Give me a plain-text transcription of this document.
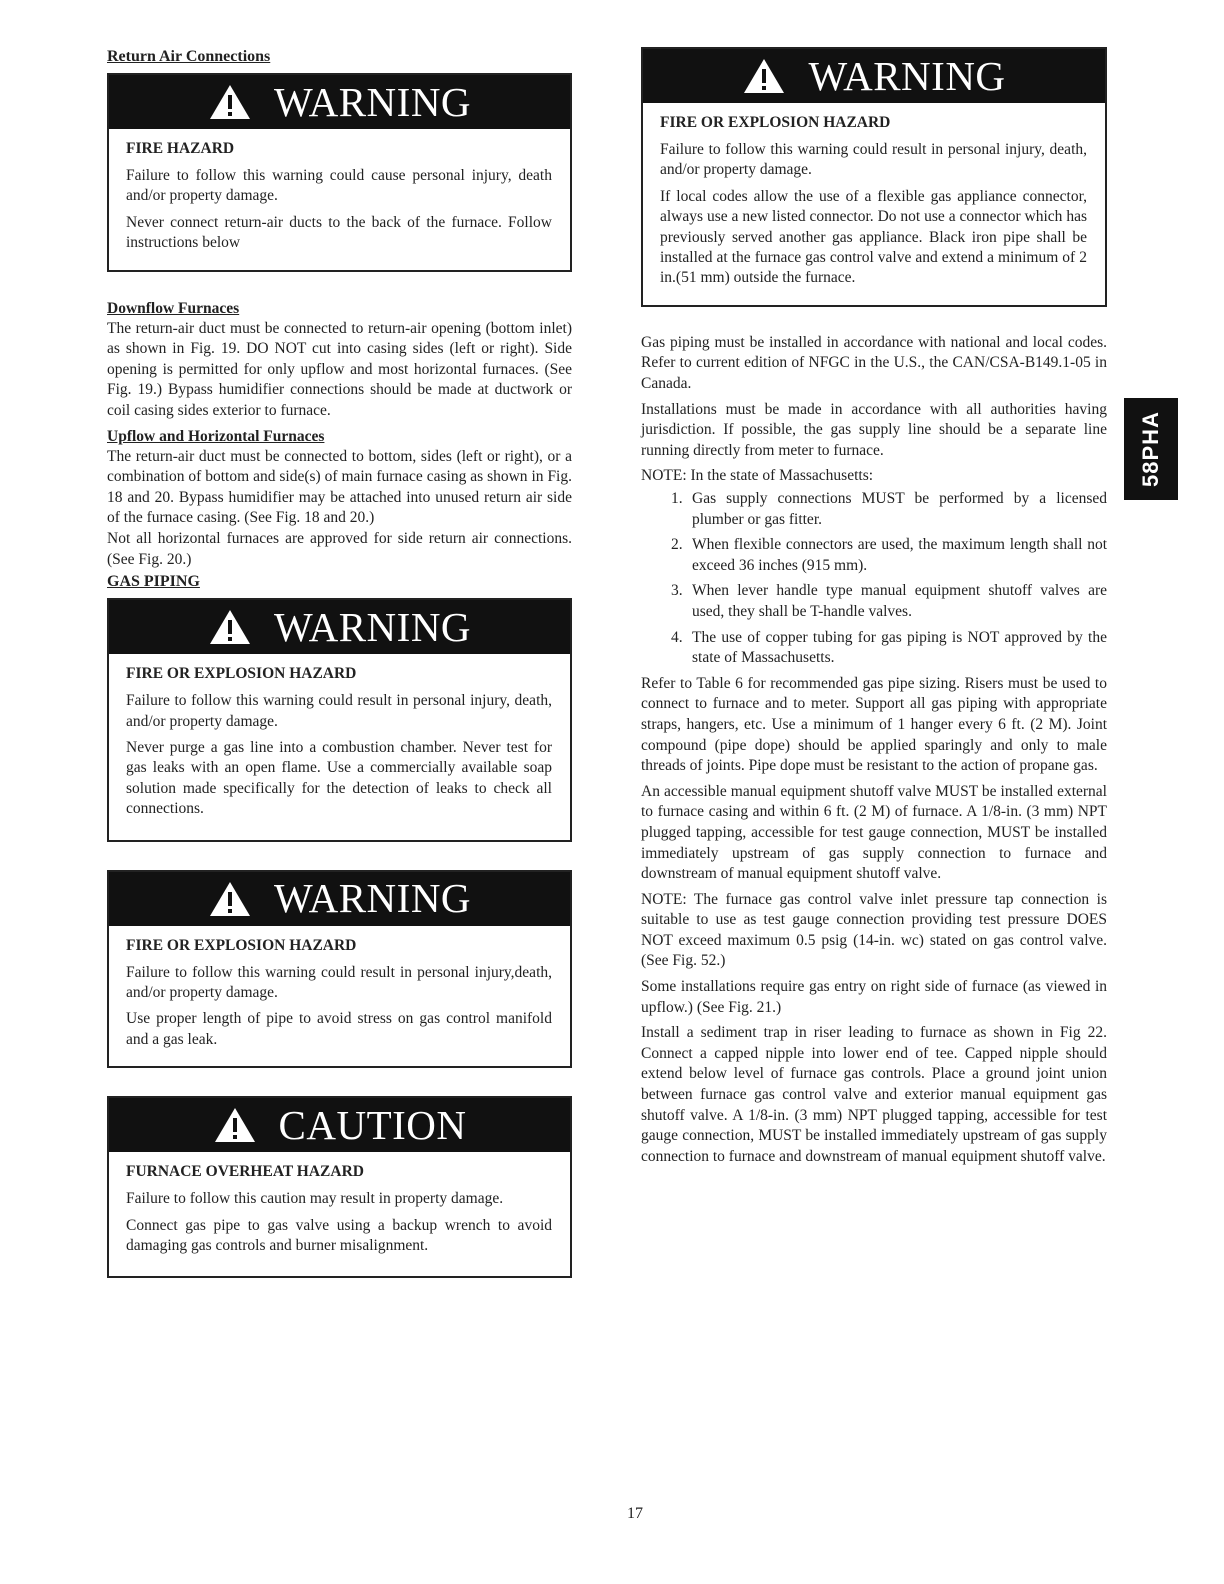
Return Air Connections
WARNING
FIRE HAZARD

Failure to follow this warning could cause personal injury, death and/or property damage.

Never connect return-air ducts to the back of the furnace. Follow instructions below

Downflow Furnaces

The return-air duct must be connected to return-air opening (bottom inlet) as shown in Fig. 19. DO NOT cut into casing sides (left or right). Side opening is permitted for only upflow and most horizontal furnaces. (See Fig. 19.) Bypass humidifier connections should be made at ductwork or coil casing sides exterior to furnace.

Upflow and Horizontal Furnaces

The return-air duct must be connected to bottom, sides (left or right), or a combination of bottom and side(s) of main furnace casing as shown in Fig. 18 and 20. Bypass humidifier may be attached into unused return air side of the furnace casing. (See Fig. 18 and 20.)

Not all horizontal furnaces are approved for side return air connections. (See Fig. 20.)

GAS PIPING
WARNING
FIRE OR EXPLOSION HAZARD

Failure to follow this warning could result in personal injury, death, and/or property damage.

Never purge a gas line into a combustion chamber. Never test for gas leaks with an open flame. Use a commercially available soap solution made specifically for the detection of leaks to check all connections.

WARNING
FIRE OR EXPLOSION HAZARD

Failure to follow this warning could result in personal injury,death, and/or property damage.

Use proper length of pipe to avoid stress on gas control manifold and a gas leak.

CAUTION
FURNACE OVERHEAT HAZARD

Failure to follow this caution may result in property damage.

Connect gas pipe to gas valve using a backup wrench to avoid damaging gas controls and burner misalignment.

WARNING
FIRE OR EXPLOSION HAZARD

Failure to follow this warning could result in personal injury, death, and/or property damage.

If local codes allow the use of a flexible gas appliance connector, always use a new listed connector. Do not use a connector which has previously served another gas appliance. Black iron pipe shall be installed at the furnace gas control valve and extend a minimum of 2 in.(51 mm) outside the furnace.

Gas piping must be installed in accordance with national and local codes. Refer to current edition of NFGC in the U.S., the CAN/CSA-B149.1-05 in Canada.

Installations must be made in accordance with all authorities having jurisdiction. If possible, the gas supply line should be a separate line running directly from meter to furnace.

NOTE: In the state of Massachusetts:

1. Gas supply connections MUST be performed by a licensed plumber or gas fitter.
2. When flexible connectors are used, the maximum length shall not exceed 36 inches (915 mm).
3. When lever handle type manual equipment shutoff valves are used, they shall be T-handle valves.
4. The use of copper tubing for gas piping is NOT approved by the state of Massachusetts.

Refer to Table 6 for recommended gas pipe sizing. Risers must be used to connect to furnace and to meter. Support all gas piping with appropriate straps, hangers, etc. Use a minimum of 1 hanger every 6 ft. (2 M). Joint compound (pipe dope) should be applied sparingly and only to male threads of joints. Pipe dope must be resistant to the action of propane gas.

An accessible manual equipment shutoff valve MUST be installed external to furnace casing and within 6 ft. (2 M) of furnace. A 1/8-in. (3 mm) NPT plugged tapping, accessible for test gauge connection, MUST be installed immediately upstream of gas supply connection to furnace and downstream of manual equipment shutoff valve.

NOTE: The furnace gas control valve inlet pressure tap connection is suitable to use as test gauge connection providing test pressure DOES NOT exceed maximum 0.5 psig (14-in. wc) stated on gas control valve. (See Fig. 52.)

Some installations require gas entry on right side of furnace (as viewed in upflow.) (See Fig. 21.)

Install a sediment trap in riser leading to furnace as shown in Fig 22. Connect a capped nipple into lower end of tee. Capped nipple should extend below level of furnace gas controls. Place a ground joint union between furnace gas control valve and exterior manual equipment gas shutoff valve. A 1/8-in. (3 mm) NPT plugged tapping, accessible for test gauge connection, MUST be installed immediately upstream of gas supply connection to furnace and downstream of manual equipment shutoff valve.

58PHA
17
